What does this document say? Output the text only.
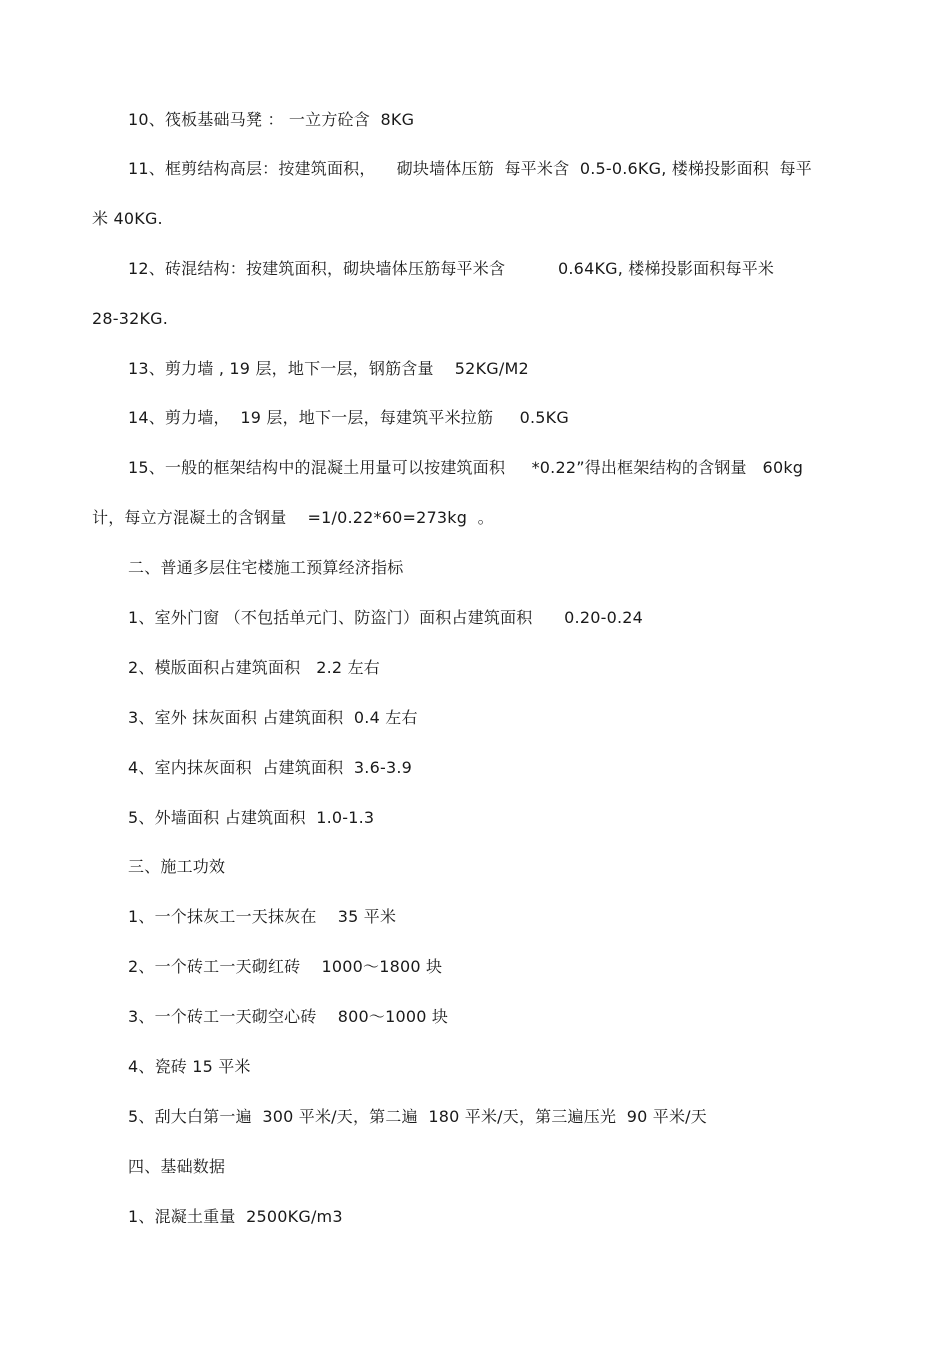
10、筏板基础马凳 ： 一立方砼含  8KG
11、框剪结构高层：按建筑面积，    砌块墙体压筋  每平米含  0.5-0.6KG, 楼梯投影面积  每平
米 40KG.
12、砖混结构：按建筑面积，砌块墙体压筋每平米含          0.64KG, 楼梯投影面积每平米
28-32KG.
13、剪力墙 , 19 层，地下一层，钢筋含量    52KG/M2
14、剪力墙，  19 层，地下一层，每建筑平米拉筋     0.5KG
15、一般的框架结构中的混凝土用量可以按建筑面积     *0.22”得出框架结构的含钢量   60kg
计，每立方混凝土的含钢量    =1/0.22*60=273kg  。
二、普通多层住宅楼施工预算经济指标
1、室外门窗 （不包括单元门、防盗门）面积占建筑面积      0.20-0.24
2、模版面积占建筑面积   2.2 左右
3、室外 抹灰面积 占建筑面积  0.4 左右
4、室内抹灰面积  占建筑面积  3.6-3.9
5、外墙面积 占建筑面积  1.0-1.3
三、施工功效
1、一个抹灰工一天抹灰在    35 平米
2、一个砖工一天砌红砖    1000～1800 块
3、一个砖工一天砌空心砖    800～1000 块
4、瓷砖 15 平米
5、刮大白第一遍  300 平米/天，第二遍  180 平米/天，第三遍压光  90 平米/天
四、基础数据
1、混凝土重量  2500KG/m3
